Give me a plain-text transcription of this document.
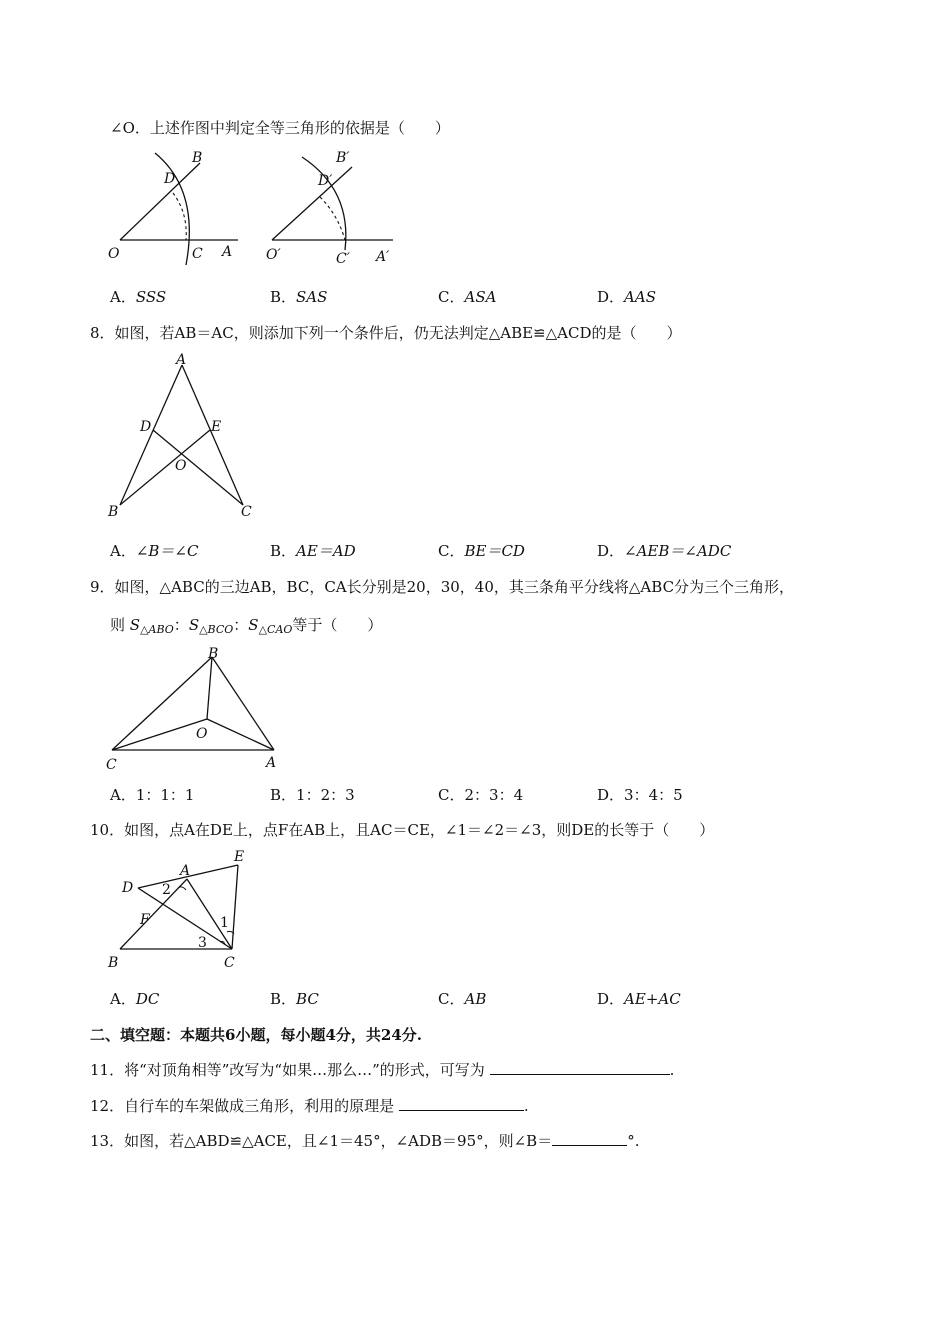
∠O．上述作图中判定全等三角形的依据是（　　）
B
D
O	C A
B′
D′
O′	C′ A′
A．SSS	B．SAS	C．ASA	D．AAS
8．如图，若AB＝AC，则添加下列一个条件后，仍无法判定△ABE≌△ACD的是（　　）
A
D	E
O
B	C
A．∠B＝∠C	B．AE＝AD	C．BE＝CD	D．∠AEB＝∠ADC
9．如图，△ABC的三边AB，BC，CA长分别是20，30，40，其三条角平分线将△ABC分为三个三角形，
则 $S_{\triangle ABO}$：$S_{\triangle BCO}$：$S_{\triangle CAO}$等于（　　）
B
O
C	A
A．1：1：1	B．1：2：3	C．2：3：4	D．3：4：5
10．如图，点A在DE上，点F在AB上，且AC＝CE，∠1＝∠2＝∠3，则DE的长等于（　　）
E
A
D
F
B	C
1
2
3
A．DC	B．BC	C．AB	D．AE+AC
二、填空题：本题共6小题，每小题4分，共24分.
11．将“对顶角相等”改写为“如果…那么…”的形式，可写为	.
12．自行车的车架做成三角形，利用的原理是	.
13．如图，若△ABD≌△ACE，且∠1＝45°，∠ADB＝95°，则∠B＝	°.
